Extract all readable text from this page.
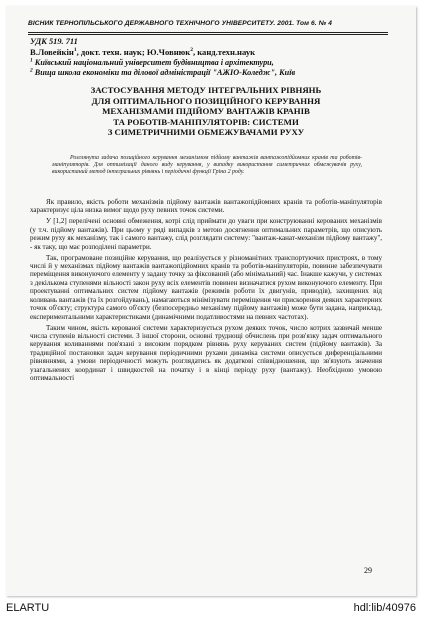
ВІСНИК ТЕРНОПІЛЬСЬКОГО ДЕРЖАВНОГО ТЕХНІЧНОГО УНІВЕРСИТЕТУ. 2001. Том 6. № 4
УДК 519. 711
В.Ловейкін$^1$, докт. техн. наук; Ю.Човнюк$^2$, канд.техн.наук
$^1$ Київський національний університет будівництва і архітектури,
$^2$ Вища школа економіки та ділової адміністрації "АЖІО-Коледж", Київ
ЗАСТОСУВАННЯ МЕТОДУ ІНТЕГРАЛЬНИХ РІВНЯНЬ
ДЛЯ ОПТИМАЛЬНОГО ПОЗИЦІЙНОГО КЕРУВАННЯ
МЕХАНІЗМАМИ ПІДІЙОМУ ВАНТАЖІВ КРАНІВ
ТА РОБОТІВ-МАНІПУЛЯТОРІВ: СИСТЕМИ
З СИМЕТРИЧНИМИ ОБМЕЖУВАЧАМИ РУХУ
Розглянута задача позиційного керування механізмом підйому вантажів вантажопідйомних кранів та роботів-маніпуляторів. Для оптимізації даного виду керування, у випадку використання симетричних обмежувачів руху, використаний метод інтегральних рівнянь і періодичні функції Гріна 2 роду.

Як правило, якість роботи механізмів підйому вантажів вантажопідйомних кранів та роботів-маніпуляторів характеризує ціла низка вимог щодо руху певних точок системи.

У [1,2] перелічені основні обмеження, котрі слід приймати до уваги при конструюванні керованих механізмів (у т.ч. підйому вантажів). При цьому у ряді випадків з метою досягнення оптимальних параметрів, що описують режим руху як механізму, так і самого вантажу, слід розглядати систему: "вантаж-канат-механізм підйому вантажу", - як таку, що має розподілені параметри.

Так, програмоване позиційне керування, що реалізується у різноманітних транспортуючих пристроях, в тому числі й у механізмах підйому вантажів вантажопідйомних кранів та роботів-маніпуляторів, повинне забезпечувати переміщення виконуючого елементу у задану точку за фіксований (або мінімальний) час. Інакше кажучи, у системах з декількома ступенями вільності закон руху всіх елементів повинен визначатися рухом виконуючого елементу. При проектуванні оптимальних систем підйому вантажів (режимів роботи їх двигунів, приводів), захищених від коливань вантажів (та їх розгойдувань), намагаються мінімізувати переміщення чи прискорення деяких характерних точок об'єкту; структура самого об'єкту (безпосередньо механізму підйому вантажів) може бути задана, наприклад, експериментальними характеристиками (динамічними податливостями на певних частотах).

Таким чином, якість керованої системи характеризується рухом деяких точок, число котрих зазвичай менше числа ступенів вільності системи. З іншої сторони, основні труднощі обчислень при розв'язку задач оптимального керування коливаннями пов'язані з високим порядком рівнянь руху керуваних систем (підйому вантажів). За традиційної постановки задач керування періодичними рухами динаміка системи описується диференціальними рівняннями, а умови періодичності можуть розглядатись як додаткові співвідношення, що зв'язують значення узагальнених координат і швидкостей на початку і в кінці періоду руху (вантажу). Необхідною умовою оптимальності

29
ELARTU	hdl:lib/40976
